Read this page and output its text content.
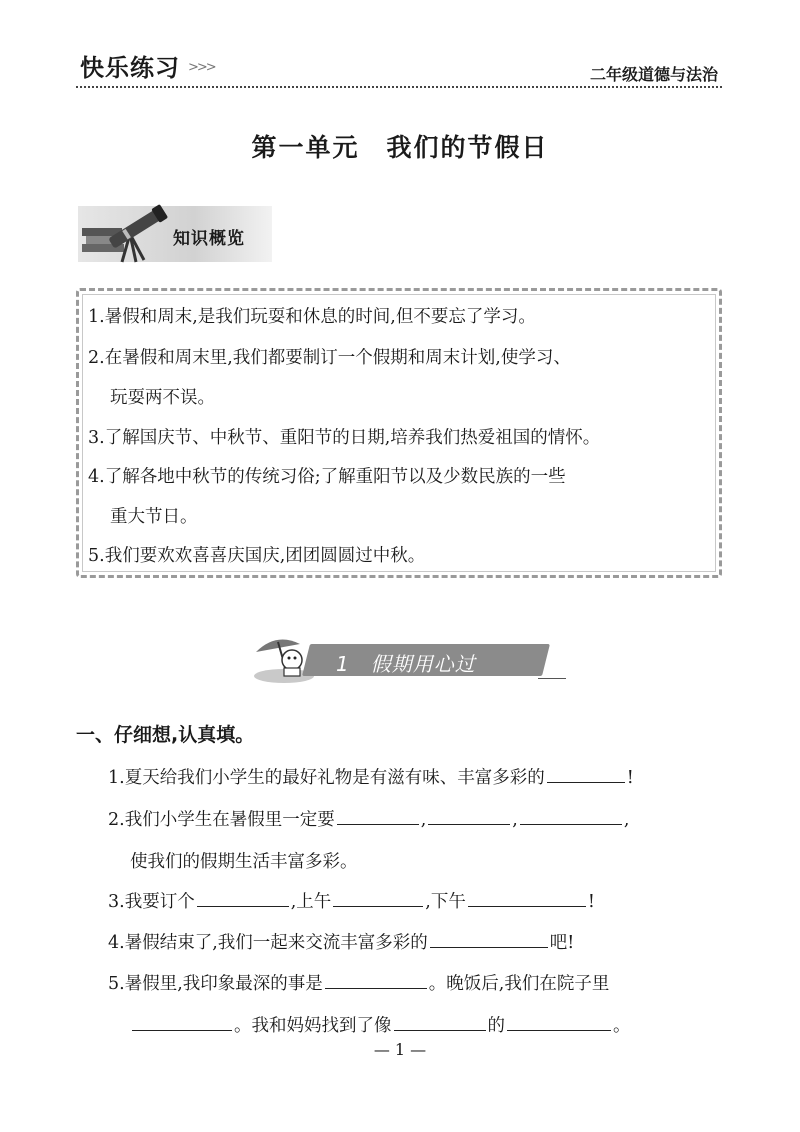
快乐练习 >>>	二年级道德与法治
第一单元　我们的节假日
知识概览
1.暑假和周末,是我们玩耍和休息的时间,但不要忘了学习。
2.在暑假和周末里,我们都要制订一个假期和周末计划,使学习、
玩耍两不误。
3.了解国庆节、中秋节、重阳节的日期,培养我们热爱祖国的情怀。
4.了解各地中秋节的传统习俗;了解重阳节以及少数民族的一些
重大节日。
5.我们要欢欢喜喜庆国庆,团团圆圆过中秋。
1　假期用心过
一、仔细想,认真填。
1.夏天给我们小学生的最好礼物是有滋有味、丰富多彩的	!
2.我们小学生在暑假里一定要	,	,	,
使我们的假期生活丰富多彩。
3.我要订个	,上午	,下午	!
4.暑假结束了,我们一起来交流丰富多彩的	吧!
5.暑假里,我印象最深的事是	。晚饭后,我们在院子里
。我和妈妈找到了像	的	。
— 1 —
